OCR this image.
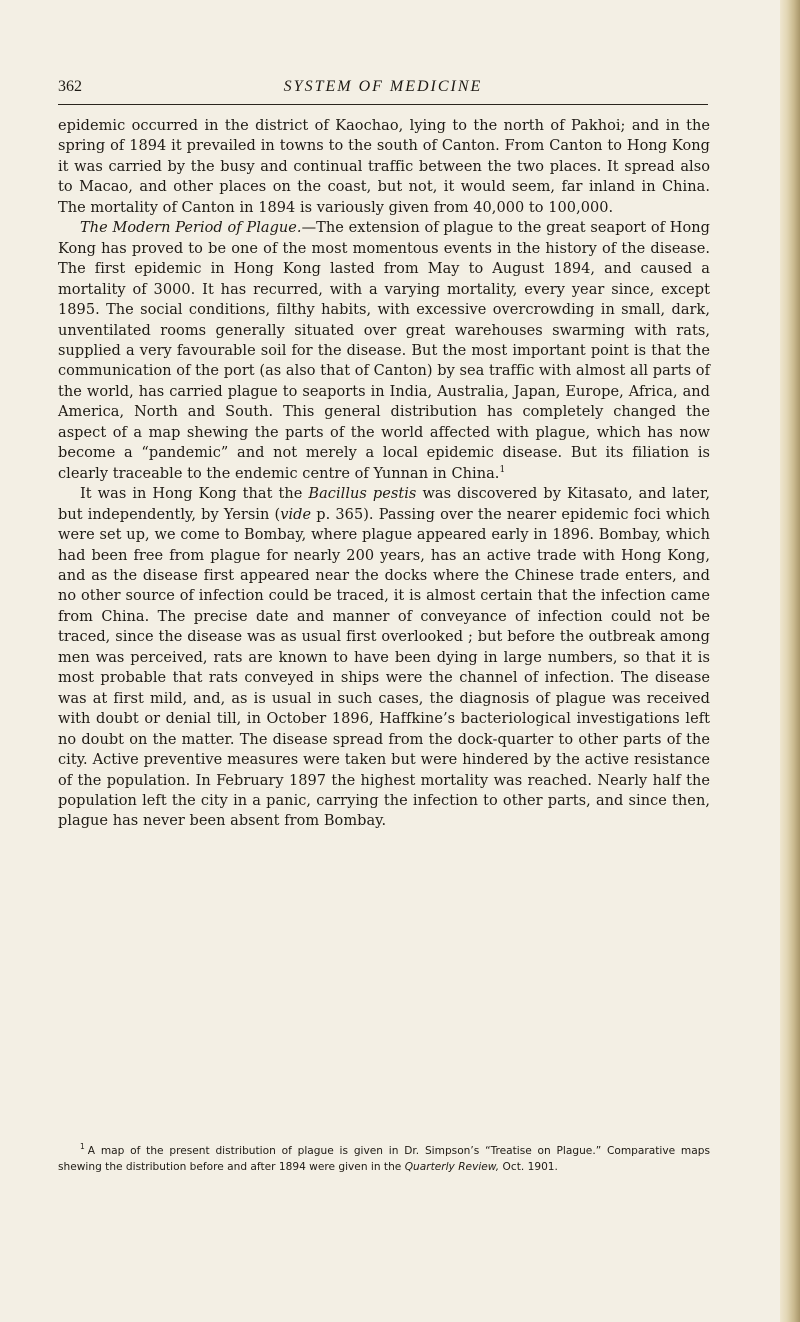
362	SYSTEM OF MEDICINE

epidemic occurred in the district of Kaochao, lying to the north of Pakhoi; and in the spring of 1894 it prevailed in towns to the south of Canton. From Canton to Hong Kong it was carried by the busy and continual traffic between the two places. It spread also to Macao, and other places on the coast, but not, it would seem, far inland in China. The mortality of Canton in 1894 is variously given from 40,000 to 100,000.

The Modern Period of Plague.—The extension of plague to the great seaport of Hong Kong has proved to be one of the most momentous events in the history of the disease. The first epidemic in Hong Kong lasted from May to August 1894, and caused a mortality of 3000. It has recurred, with a varying mortality, every year since, except 1895. The social conditions, filthy habits, with excessive overcrowding in small, dark, unventilated rooms generally situated over great warehouses swarming with rats, supplied a very favourable soil for the disease. But the most important point is that the communication of the port (as also that of Canton) by sea traffic with almost all parts of the world, has carried plague to seaports in India, Australia, Japan, Europe, Africa, and America, North and South. This general distribution has completely changed the aspect of a map shewing the parts of the world affected with plague, which has now become a “pandemic” and not merely a local epidemic disease. But its filiation is clearly traceable to the endemic centre of Yunnan in China.$^1$

It was in Hong Kong that the Bacillus pestis was discovered by Kitasato, and later, but independently, by Yersin (vide p. 365). Passing over the nearer epidemic foci which were set up, we come to Bombay, where plague appeared early in 1896. Bombay, which had been free from plague for nearly 200 years, has an active trade with Hong Kong, and as the disease first appeared near the docks where the Chinese trade enters, and no other source of infection could be traced, it is almost certain that the infection came from China. The precise date and manner of conveyance of infection could not be traced, since the disease was as usual first overlooked ; but before the outbreak among men was perceived, rats are known to have been dying in large numbers, so that it is most probable that rats conveyed in ships were the channel of infection. The disease was at first mild, and, as is usual in such cases, the diagnosis of plague was received with doubt or denial till, in October 1896, Haffkine’s bacteriological investigations left no doubt on the matter. The disease spread from the dock-quarter to other parts of the city. Active preventive measures were taken but were hindered by the active resistance of the population. In February 1897 the highest mortality was reached. Nearly half the population left the city in a panic, carrying the infection to other parts, and since then, plague has never been absent from Bombay.

$^1$ A map of the present distribution of plague is given in Dr. Simpson’s “Treatise on Plague.” Comparative maps shewing the distribution before and after 1894 were given in the Quarterly Review, Oct. 1901.
